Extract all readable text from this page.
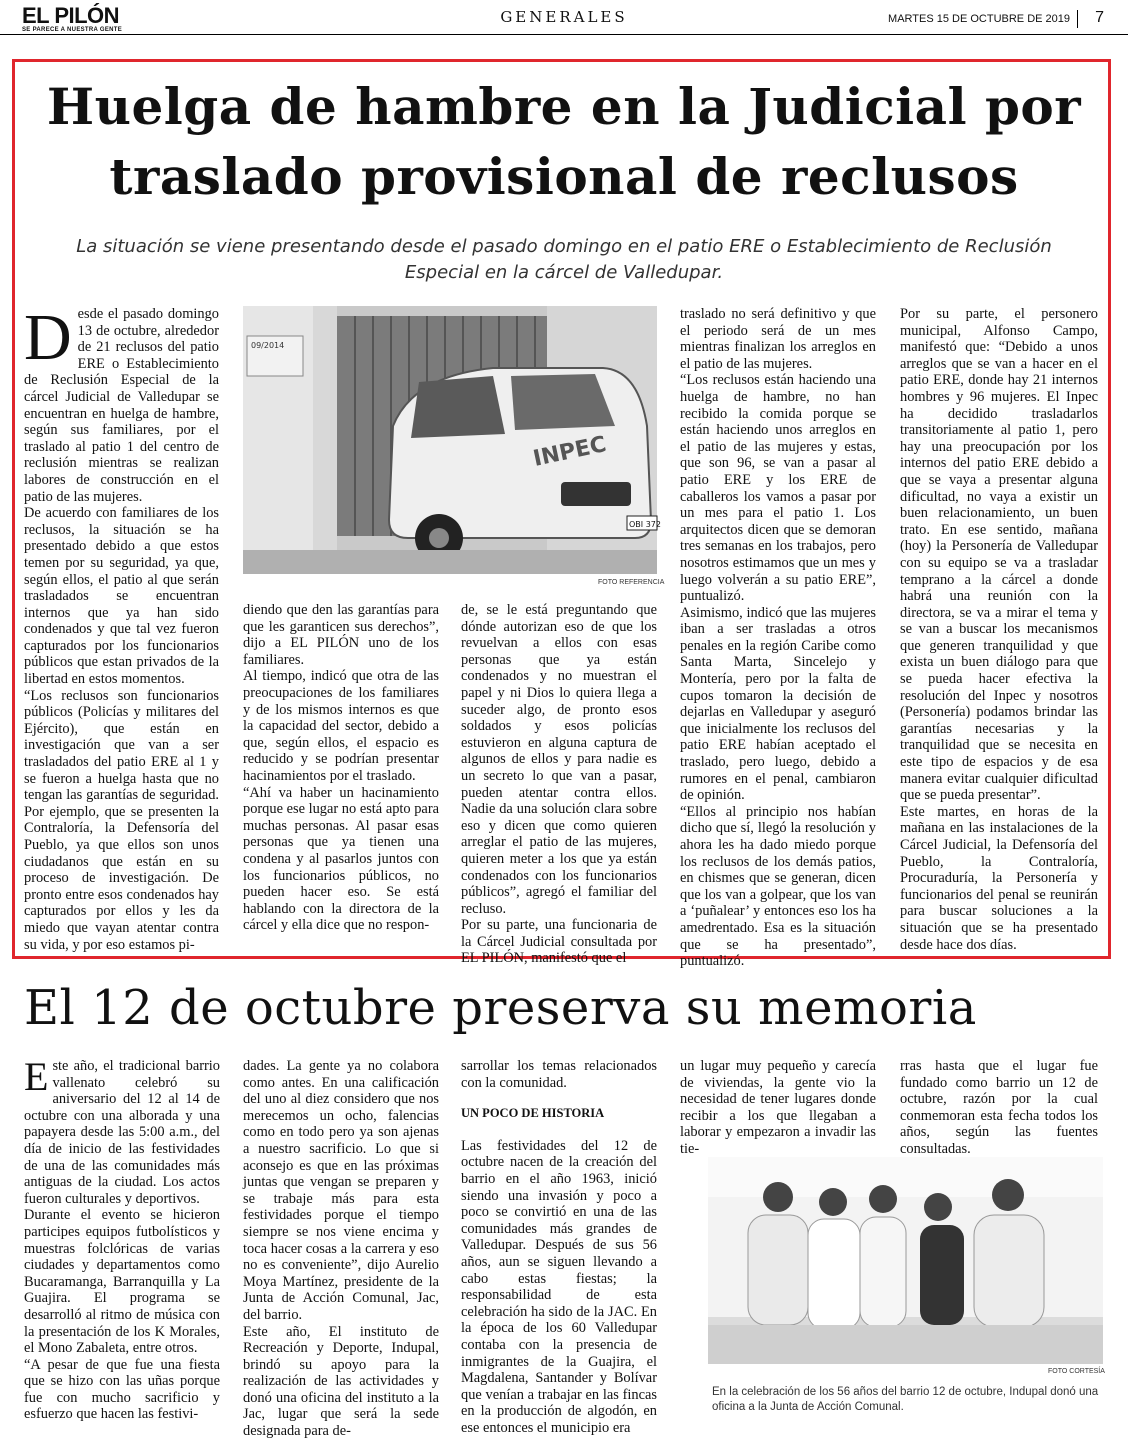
EL PILÓN
SE PARECE A NUESTRA GENTE
GENERALES	MARTES 15 DE OCTUBRE DE 2019 7
Huelga de hambre en la Judicial por traslado provisional de reclusos
La situación se viene presentando desde el pasado domingo en el patio ERE o Establecimiento de Reclusión Especial en la cárcel de Valledupar.
D esde el pasado domingo 13 de octubre, alrededor de 21 reclusos del patio ERE o Establecimiento de Reclusión Especial de la cárcel Judicial de Valledupar se encuentran en huelga de hambre, según sus familiares, por el traslado al patio 1 del centro de reclusión mientras se realizan labores de construcción en el patio de las mujeres.
De acuerdo con familiares de los reclusos, la situación se ha presentado debido a que estos temen por su seguridad, ya que, según ellos, el patio al que serán trasladados se encuentran internos que ya han sido condenados y que tal vez fueron capturados por los funcionarios públicos que estan privados de la libertad en estos momentos.
“Los reclusos son funcionarios públicos (Policías y militares del Ejército), que están en investigación que van a ser trasladados del patio ERE al 1 y se fueron a huelga hasta que no tengan las garantías de seguridad. Por ejemplo, que se presenten la Contraloría, la Defensoría del Pueblo, ya que ellos son unos ciudadanos que están en su proceso de investigación. De pronto entre esos condenados hay capturados por ellos y les da miedo que vayan atentar contra su vida, y por eso estamos pi-
09/2014
INPEC
OBI 372
FOTO REFERENCIA
diendo que den las garantías para que les garanticen sus derechos”, dijo a EL PILÓN uno de los familiares.
Al tiempo, indicó que otra de las preocupaciones de los familiares y de los mismos internos es que la capacidad del sector, debido a que, según ellos, el espacio es reducido y se podrían presentar hacinamientos por el traslado.
“Ahí va haber un hacinamiento porque ese lugar no está apto para muchas personas. Al pasar esas personas que ya tienen una condena y al pasarlos juntos con los funcionarios públicos, no pueden hacer eso. Se está hablando con la directora de la cárcel y ella dice que no respon-
de, se le está preguntando que dónde autorizan eso de que los revuelvan a ellos con esas personas que ya están condenados y no muestran el papel y ni Dios lo quiera llega a suceder algo, de pronto esos soldados y esos policías estuvieron en alguna captura de algunos de ellos y para nadie es un secreto lo que van a pasar, pueden atentar contra ellos. Nadie da una solución clara sobre eso y dicen que como quieren arreglar el patio de las mujeres, quieren meter a los que ya están condenados con los funcionarios públicos”, agregó el familiar del recluso.
Por su parte, una funcionaria de la Cárcel Judicial consultada por EL PILÓN, manifestó que el
traslado no será definitivo y que el periodo será de un mes mientras finalizan los arreglos en el patio de las mujeres.
“Los reclusos están haciendo una huelga de hambre, no han recibido la comida porque se están haciendo unos arreglos en el patio de las mujeres y estas, que son 96, se van a pasar al patio ERE y los ERE de caballeros los vamos a pasar por un mes para el patio 1. Los arquitectos dicen que se demoran tres semanas en los trabajos, pero nosotros estimamos que un mes y luego volverán a su patio ERE”, puntualizó.
Asimismo, indicó que las mujeres iban a ser trasladas a otros penales en la región Caribe como Santa Marta, Sincelejo y Montería, pero por la falta de cupos tomaron la decisión de dejarlas en Valledupar y aseguró que inicialmente los reclusos del patio ERE habían aceptado el traslado, pero luego, debido a rumores en el penal, cambiaron de opinión.
“Ellos al principio nos habían dicho que sí, llegó la resolución y ahora les ha dado miedo porque los reclusos de los demás patios, en chismes que se generan, dicen que los van a golpear, que los van a ‘puñalear’ y entonces eso los ha amedrentado. Esa es la situación que se ha presentado”, puntualizó.
Por su parte, el personero municipal, Alfonso Campo, manifestó que: “Debido a unos arreglos que se van a hacer en el patio ERE, donde hay 21 internos hombres y 96 mujeres. El Inpec ha decidido trasladarlos transitoriamente al patio 1, pero hay una preocupación por los internos del patio ERE debido a que se vaya a presentar alguna dificultad, no vaya a existir un buen relacionamiento, un buen trato. En ese sentido, mañana (hoy) la Personería de Valledupar con su equipo se va a trasladar temprano a la cárcel a donde habrá una reunión con la directora, se va a mirar el tema y se van a buscar los mecanismos que generen tranquilidad y que exista un buen diálogo para que se pueda hacer efectiva la resolución del Inpec y nosotros (Personería) podamos brindar las garantías necesarias y la tranquilidad que se necesita en este tipo de espacios y de esa manera evitar cualquier dificultad que se pueda presentar”.
Este martes, en horas de la mañana en las instalaciones de la Cárcel Judicial, la Defensoría del Pueblo, la Contraloría, Procuraduría, la Personería y funcionarios del penal se reunirán para buscar soluciones a la situación que se ha presentado desde hace dos días.
El 12 de octubre preserva su memoria
E ste año, el tradicional barrio vallenato celebró su aniversario del 12 al 14 de octubre con una alborada y una papayera desde las 5:00 a.m., del día de inicio de las festividades de una de las comunidades más antiguas de la ciudad. Los actos fueron culturales y deportivos.
Durante el evento se hicieron participes equipos futbolísticos y muestras folclóricas de varias ciudades y departamentos como Bucaramanga, Barranquilla y La Guajira. El programa se desarrolló al ritmo de música con la presentación de los K Morales, el Mono Zabaleta, entre otros.
“A pesar de que fue una fiesta que se hizo con las uñas porque fue con mucho sacrificio y esfuerzo que hacen las festivi-
dades. La gente ya no colabora como antes. En una calificación del uno al diez considero que nos merecemos un ocho, falencias como en todo pero ya son ajenas a nuestro sacrificio. Lo que si aconsejo es que en las próximas juntas que vengan se preparen y se trabaje más para esta festividades porque el tiempo siempre se nos viene encima y toca hacer cosas a la carrera y eso no es conveniente”, dijo Aurelio Moya Martínez, presidente de la Junta de Acción Comunal, Jac, del barrio.
Este año, El instituto de Recreación y Deporte, Indupal, brindó su apoyo para la realización de las actividades y donó una oficina del instituto a la Jac, lugar que será la sede designada para de-

sarrollar los temas relacionados con la comunidad.

UN POCO DE HISTORIA

Las festividades del 12 de octubre nacen de la creación del barrio en el año 1963, inició siendo una invasión y poco a poco se convirtió en una de las comunidades más grandes de Valledupar. Después de sus 56 años, aun se siguen llevando a cabo estas fiestas; la responsabilidad de esta celebración ha sido de la JAC. En la época de los 60 Valledupar contaba con la presencia de inmigrantes de la Guajira, el Magdalena, Santander y Bolívar que venían a trabajar en las fincas en la producción de algodón, en ese entonces el municipio era

un lugar muy pequeño y carecía de viviendas, la gente vio la necesidad de tener lugares donde recibir a los que llegaban a laborar y empezaron a invadir las tie-
rras hasta que el lugar fue fundado como barrio un 12 de octubre, razón por la cual conmemoran esta fecha todos los años, según las fuentes consultadas.
FOTO CORTESÍA
En la celebración de los 56 años del barrio 12 de octubre, Indupal donó una oficina a la Junta de Acción Comunal.
